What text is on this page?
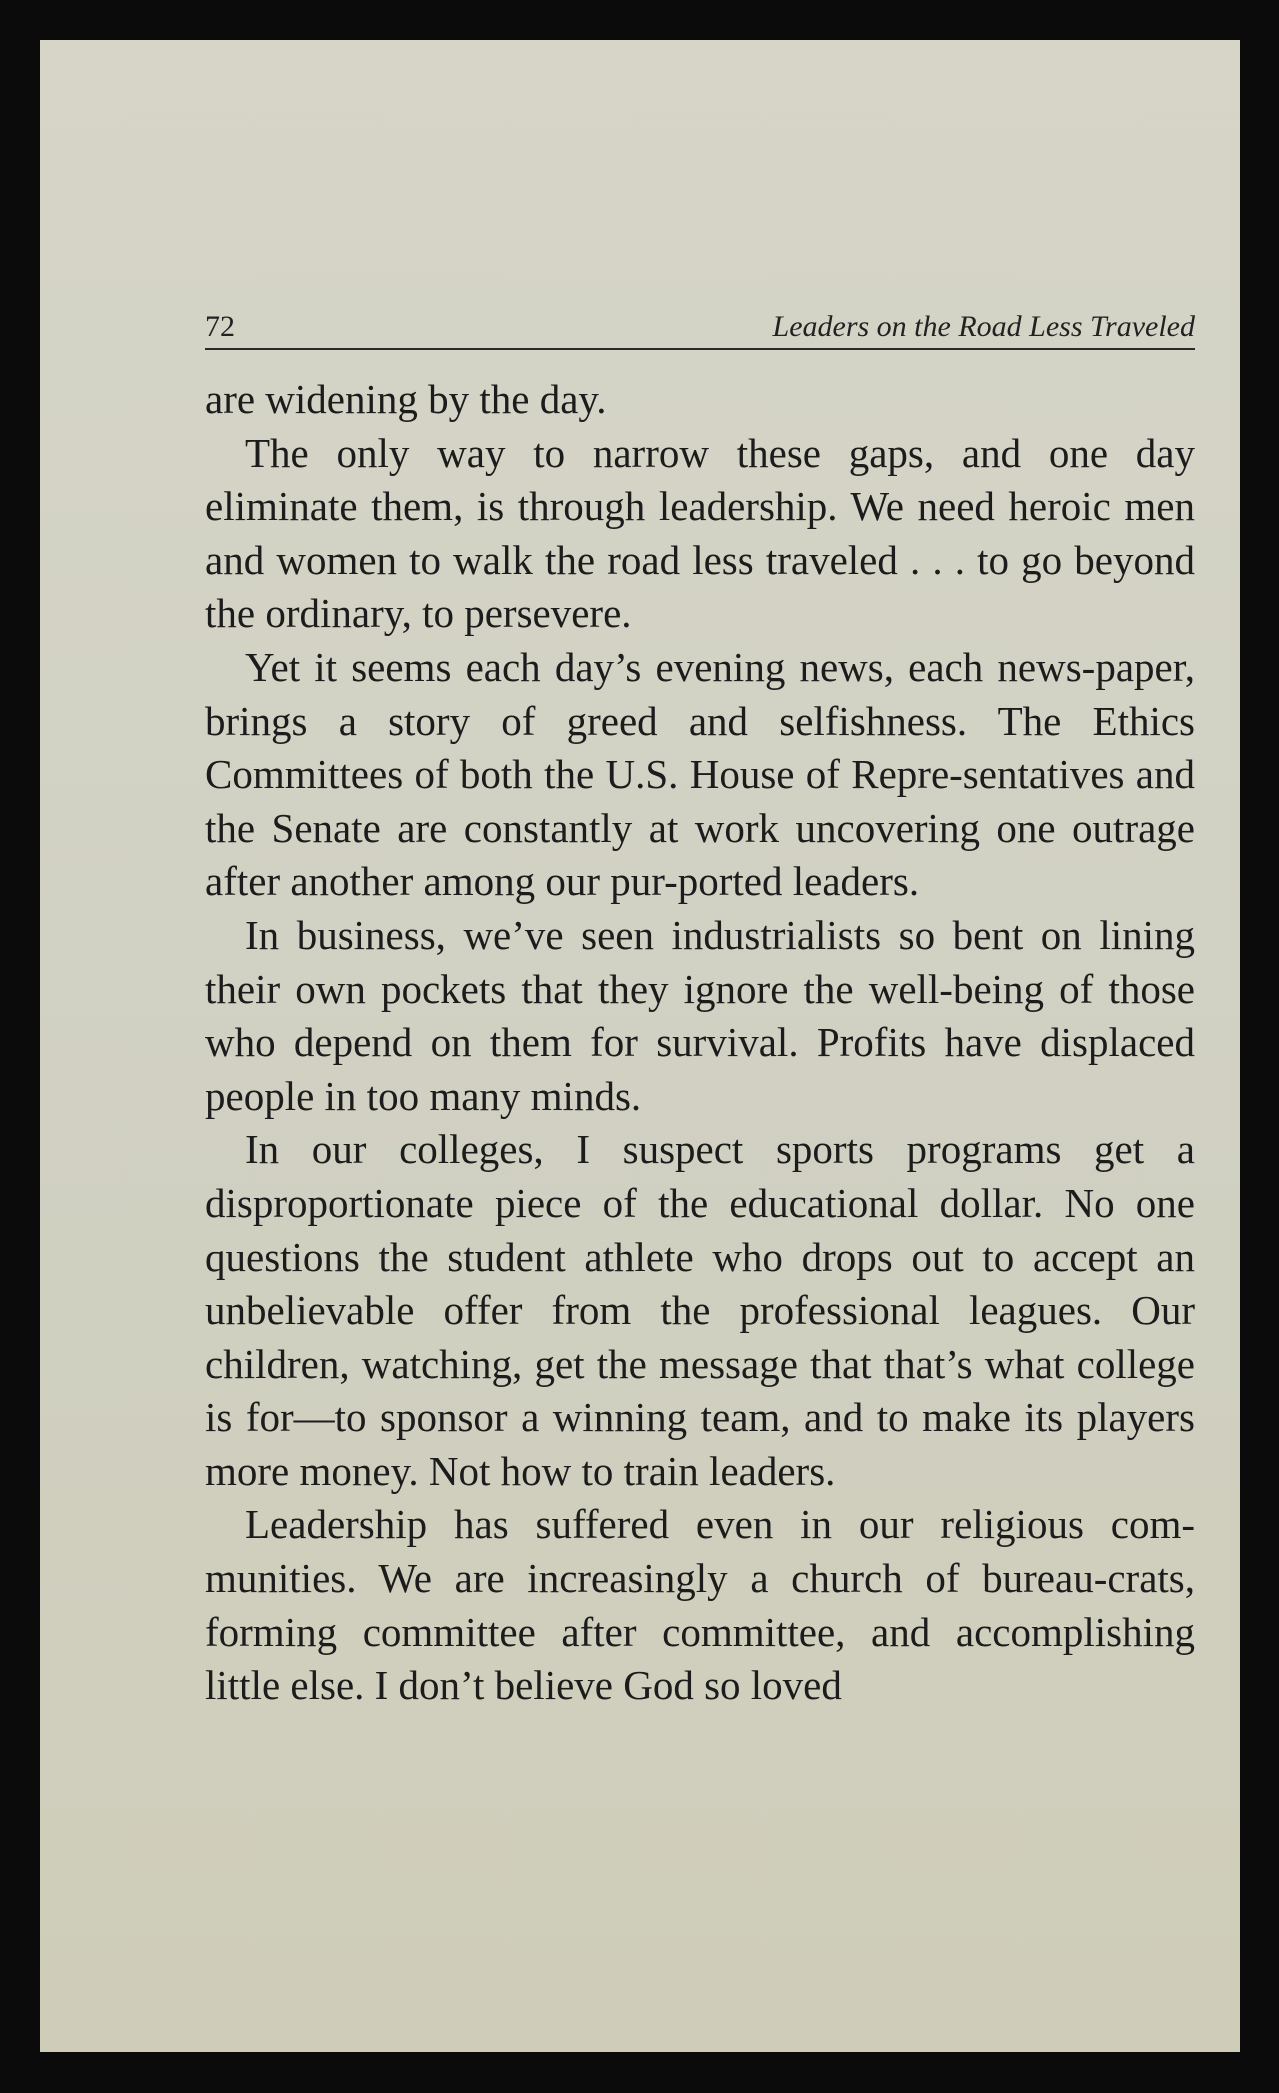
72	Leaders on the Road Less Traveled

are widening by the day.

The only way to narrow these gaps, and one day eliminate them, is through leadership. We need heroic men and women to walk the road less traveled . . . to go beyond the ordinary, to persevere.

Yet it seems each day’s evening news, each news-paper, brings a story of greed and selfishness. The Ethics Committees of both the U.S. House of Repre-sentatives and the Senate are constantly at work uncovering one outrage after another among our pur-ported leaders.

In business, we’ve seen industrialists so bent on lining their own pockets that they ignore the well-being of those who depend on them for survival. Profits have displaced people in too many minds.

In our colleges, I suspect sports programs get a disproportionate piece of the educational dollar. No one questions the student athlete who drops out to accept an unbelievable offer from the professional leagues. Our children, watching, get the message that that’s what college is for—to sponsor a winning team, and to make its players more money. Not how to train leaders.

Leadership has suffered even in our religious com-munities. We are increasingly a church of bureau-crats, forming committee after committee, and accomplishing little else. I don’t believe God so loved
